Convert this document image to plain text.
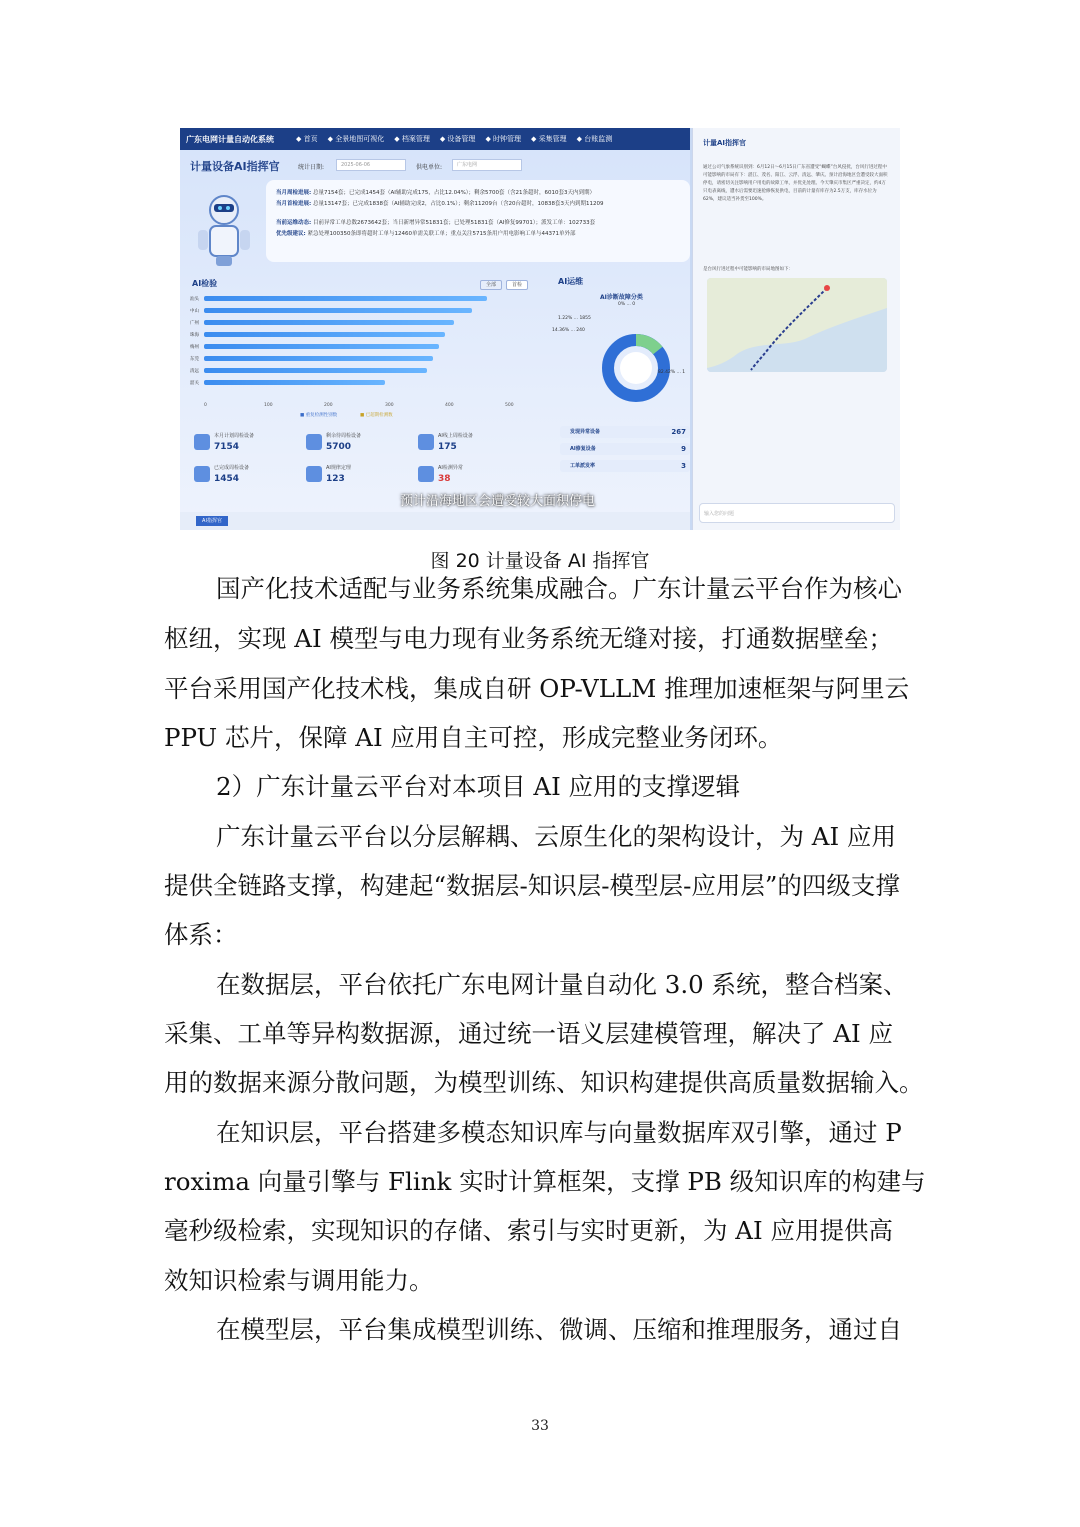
广东电网计量自动化系统	◆ 首页 ◆ 全景地图可视化 ◆ 档案管理 ◆ 设备管理 ◆ 时钟管理 ◆ 采集管理 ◆ 台账监测
计量设备AI指挥官	统计日期:	2025-06-06	供电单位:	广东电网
当月周检进展: 总量7154套；已完成1454套（AI辅助完成175，占比12.04%）；剩余5700套（含21条超时，6010套3天内到期）
当月首检进展: 总量13147套；已完成1838套（AI辅助完成2，占比0.1%）；剩余11209台（含20台超时，10838套3天内到期11209
当前运维动态: 目前异常工单总数2673642套；当日新增异常51831套；已处理51831套（AI修复99701）；派发工单：102733套
优先级建议: 紧急处理100350条即将超时工单与12460单需关联工单；重点关注5715条用户用电影响工单与44371单外部
AI检验	全部	首检
汕头
中山
广州
珠海
梅州
东莞
清远
韶关
0	100	200	300	400	500
■ 重复检测性别数	■ 已超期检测数
本月计划周检设备
7154
剩余待周检设备
5700
AI线上周检设备
175
已完成周检设备
1454
AI规律定理
123
AI检测异常
38
AI运维
AI诊断故障分类
0% ... 0
1.22% ... 1855
14.36% ... 240
82.42% ... 1
发现异常设备	267
AI修复设备	9
工单派发率	3
预计沿海地区会遭受较大面积停电
AI指挥官
计量AI指挥官
通过公司气象系统识别到：6月12日～6月15日广东省遭受“蝴蝶”台风侵扰，台风行进过程中可能影响的市局有下：湛江、茂名、阳江、云浮、清远、肇庆。预计沿海地区会遭受较大面积停电，请密切关注影响用户用电的故障工单，并优先处理。今天肇庆市集区严重决定，约4万只电表离线，遭水后需要迅速抢修恢复供电，目前的计量有库存为2.5万支，库存水位为62%，建议适当补货至100%。
是台风行进过程中可能影响的市局地图如下：
输入您的问题
图 20 计量设备 AI 指挥官
国产化技术适配与业务系统集成融合。广东计量云平台作为核心
枢纽，实现 AI 模型与电力现有业务系统无缝对接，打通数据壁垒；
平台采用国产化技术栈，集成自研 OP-VLLM 推理加速框架与阿里云
PPU 芯片，保障 AI 应用自主可控，形成完整业务闭环。
2）广东计量云平台对本项目 AI 应用的支撑逻辑
广东计量云平台以分层解耦、云原生化的架构设计，为 AI 应用
提供全链路支撑，构建起“数据层-知识层-模型层-应用层”的四级支撑
体系：
在数据层，平台依托广东电网计量自动化 3.0 系统，整合档案、
采集、工单等异构数据源，通过统一语义层建模管理，解决了 AI 应
用的数据来源分散问题，为模型训练、知识构建提供高质量数据输入。
在知识层，平台搭建多模态知识库与向量数据库双引擎，通过 P
roxima 向量引擎与 Flink 实时计算框架，支撑 PB 级知识库的构建与
毫秒级检索，实现知识的存储、索引与实时更新，为 AI 应用提供高
效知识检索与调用能力。
在模型层，平台集成模型训练、微调、压缩和推理服务，通过自
33
